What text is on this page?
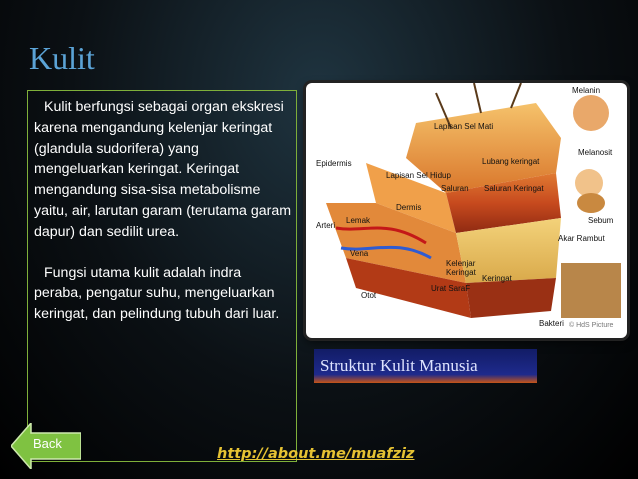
Kulit

Kulit berfungsi sebagai organ ekskresi karena mengandung kelenjar keringat (glandula sudorifera) yang mengeluarkan keringat. Keringat mengandung sisa-sisa metabolisme yaitu, air, larutan garam (terutama garam dapur) dan sedilit urea.

Fungsi utama kulit adalah indra peraba, pengatur suhu, mengeluarkan keringat, dan pelindung tubuh dari luar.

Melanin
Lapisan Sel Mati
Melanosit
Epidermis	Lubang keringat
Lapisan Sel Hidup
Saluran Saluran Keringat
Dermis
Arteri
Lemak	Sebum
Vena
Akar Rambut
Kelenjar
Keringat
Keringat
Urat SaraF
Otot
Bakteri © HdS Picture
Struktur Kulit Manusia
Back
http://about.me/muafziz
